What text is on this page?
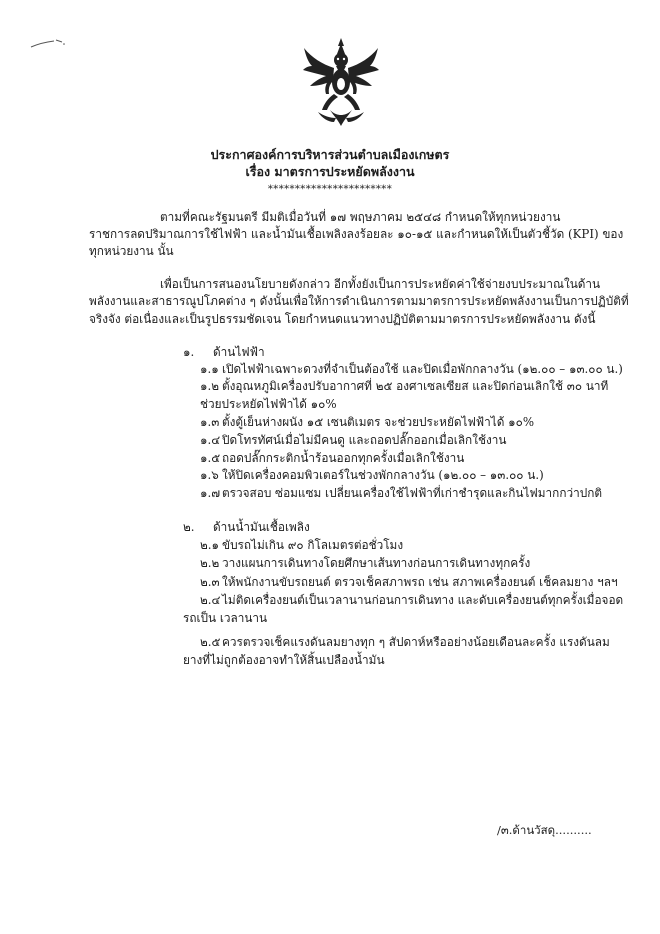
ประกาศองค์การบริหารส่วนตำบลเมืองเกษตร
เรื่อง มาตรการประหยัดพลังงาน
***********************
ตามที่คณะรัฐมนตรี มีมติเมื่อวันที่ ๑๗ พฤษภาคม ๒๕๔๘ กำหนดให้ทุกหน่วยงาน
ราชการลดปริมาณการใช้ไฟฟ้า และน้ำมันเชื้อเพลิงลงร้อยละ ๑๐-๑๕ และกำหนดให้เป็นตัวชี้วัด (KPI) ของ
ทุกหน่วยงาน นั้น
เพื่อเป็นการสนองนโยบายดังกล่าว อีกทั้งยังเป็นการประหยัดค่าใช้จ่ายงบประมาณในด้าน
พลังงานและสาธารณูปโภคต่าง ๆ ดังนั้นเพื่อให้การดำเนินการตามมาตรการประหยัดพลังงานเป็นการปฏิบัติที่
จริงจัง ต่อเนื่องและเป็นรูปธรรมชัดเจน โดยกำหนดแนวทางปฏิบัติตามมาตรการประหยัดพลังงาน ดังนี้
๑. ด้านไฟฟ้า
๑.๑ เปิดไฟฟ้าเฉพาะดวงที่จำเป็นต้องใช้ และปิดเมื่อพักกลางวัน (๑๒.๐๐ – ๑๓.๐๐ น.)
๑.๒ ตั้งอุณหภูมิเครื่องปรับอากาศที่ ๒๕ องศาเซลเซียส และปิดก่อนเลิกใช้ ๓๐ นาที
ช่วยประหยัดไฟฟ้าได้ ๑๐%
๑.๓ ตั้งตู้เย็นห่างผนัง ๑๕ เซนติเมตร จะช่วยประหยัดไฟฟ้าได้ ๑๐%
๑.๔ ปิดโทรทัศน์เมื่อไม่มีคนดู และถอดปลั๊กออกเมื่อเลิกใช้งาน
๑.๕ ถอดปลั๊กกระติกน้ำร้อนออกทุกครั้งเมื่อเลิกใช้งาน
๑.๖ ให้ปิดเครื่องคอมพิวเตอร์ในช่วงพักกลางวัน (๑๒.๐๐ – ๑๓.๐๐ น.)
๑.๗ ตรวจสอบ ซ่อมแซม เปลี่ยนเครื่องใช้ไฟฟ้าที่เก่าชำรุดและกินไฟมากกว่าปกติ
๒. ด้านน้ำมันเชื้อเพลิง
๒.๑ ขับรถไม่เกิน ๙๐ กิโลเมตรต่อชั่วโมง
๒.๒ วางแผนการเดินทางโดยศึกษาเส้นทางก่อนการเดินทางทุกครั้ง
๒.๓ ให้พนักงานขับรถยนต์ ตรวจเช็คสภาพรถ เช่น สภาพเครื่องยนต์ เช็คลมยาง ฯลฯ
๒.๔ ไม่ติดเครื่องยนต์เป็นเวลานานก่อนการเดินทาง และดับเครื่องยนต์ทุกครั้งเมื่อจอด
รถเป็น เวลานาน
๒.๕ ควรตรวจเช็คแรงดันลมยางทุก ๆ สัปดาห์หรืออย่างน้อยเดือนละครั้ง แรงดันลม
ยางที่ไม่ถูกต้องอาจทำให้สิ้นเปลืองน้ำมัน
/๓.ด้านวัสดุ..........
